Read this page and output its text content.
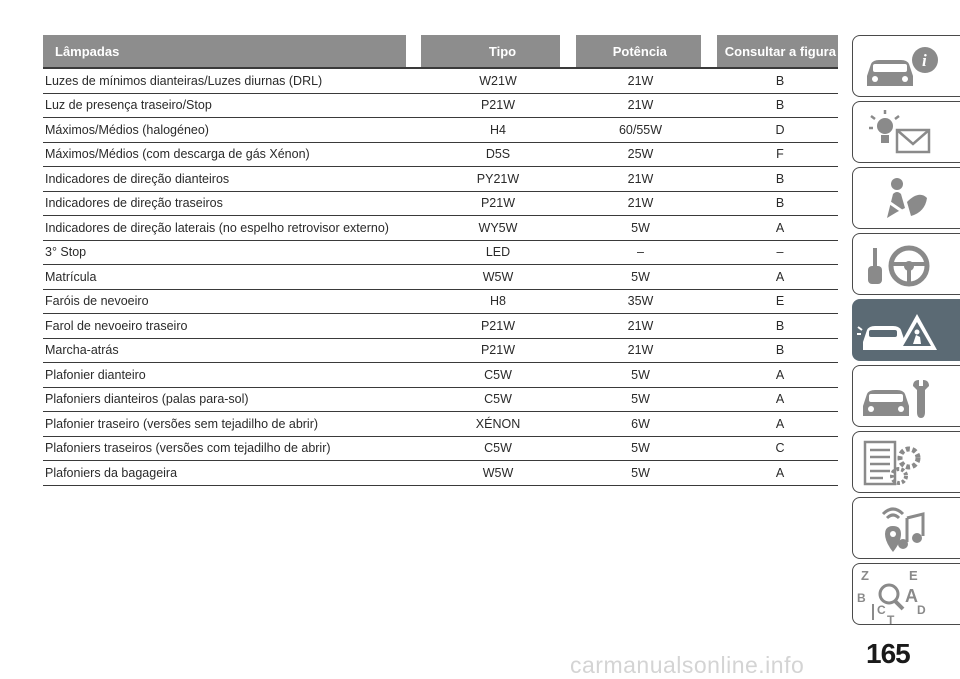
Lâmpadas	Tipo	Potência	Consultar a figura
Luzes de mínimos dianteiras/Luzes diurnas (DRL)	W21W	21W	B
Luz de presença traseiro/Stop	P21W	21W	B
Máximos/Médios (halogéneo)	H4	60/55W	D
Máximos/Médios (com descarga de gás Xénon)	D5S	25W	F
Indicadores de direção dianteiros	PY21W	21W	B
Indicadores de direção traseiros	P21W	21W	B
Indicadores de direção laterais (no espelho retrovisor externo)	WY5W	5W	A
3° Stop	LED	–	–
Matrícula	W5W	5W	A
Faróis de nevoeiro	H8	35W	E
Farol de nevoeiro traseiro	P21W	21W	B
Marcha-atrás	P21W	21W	B
Plafonier dianteiro	C5W	5W	A
Plafoniers dianteiros (palas para-sol)	C5W	5W	A
Plafonier traseiro (versões sem tejadilho de abrir)	XÉNON	6W	A
Plafoniers traseiros (versões com tejadilho de abrir)	C5W	5W	C
Plafoniers da bagageira	W5W	5W	A
i
Z	E
B A
C	D
T
165
carmanualsonline.info
